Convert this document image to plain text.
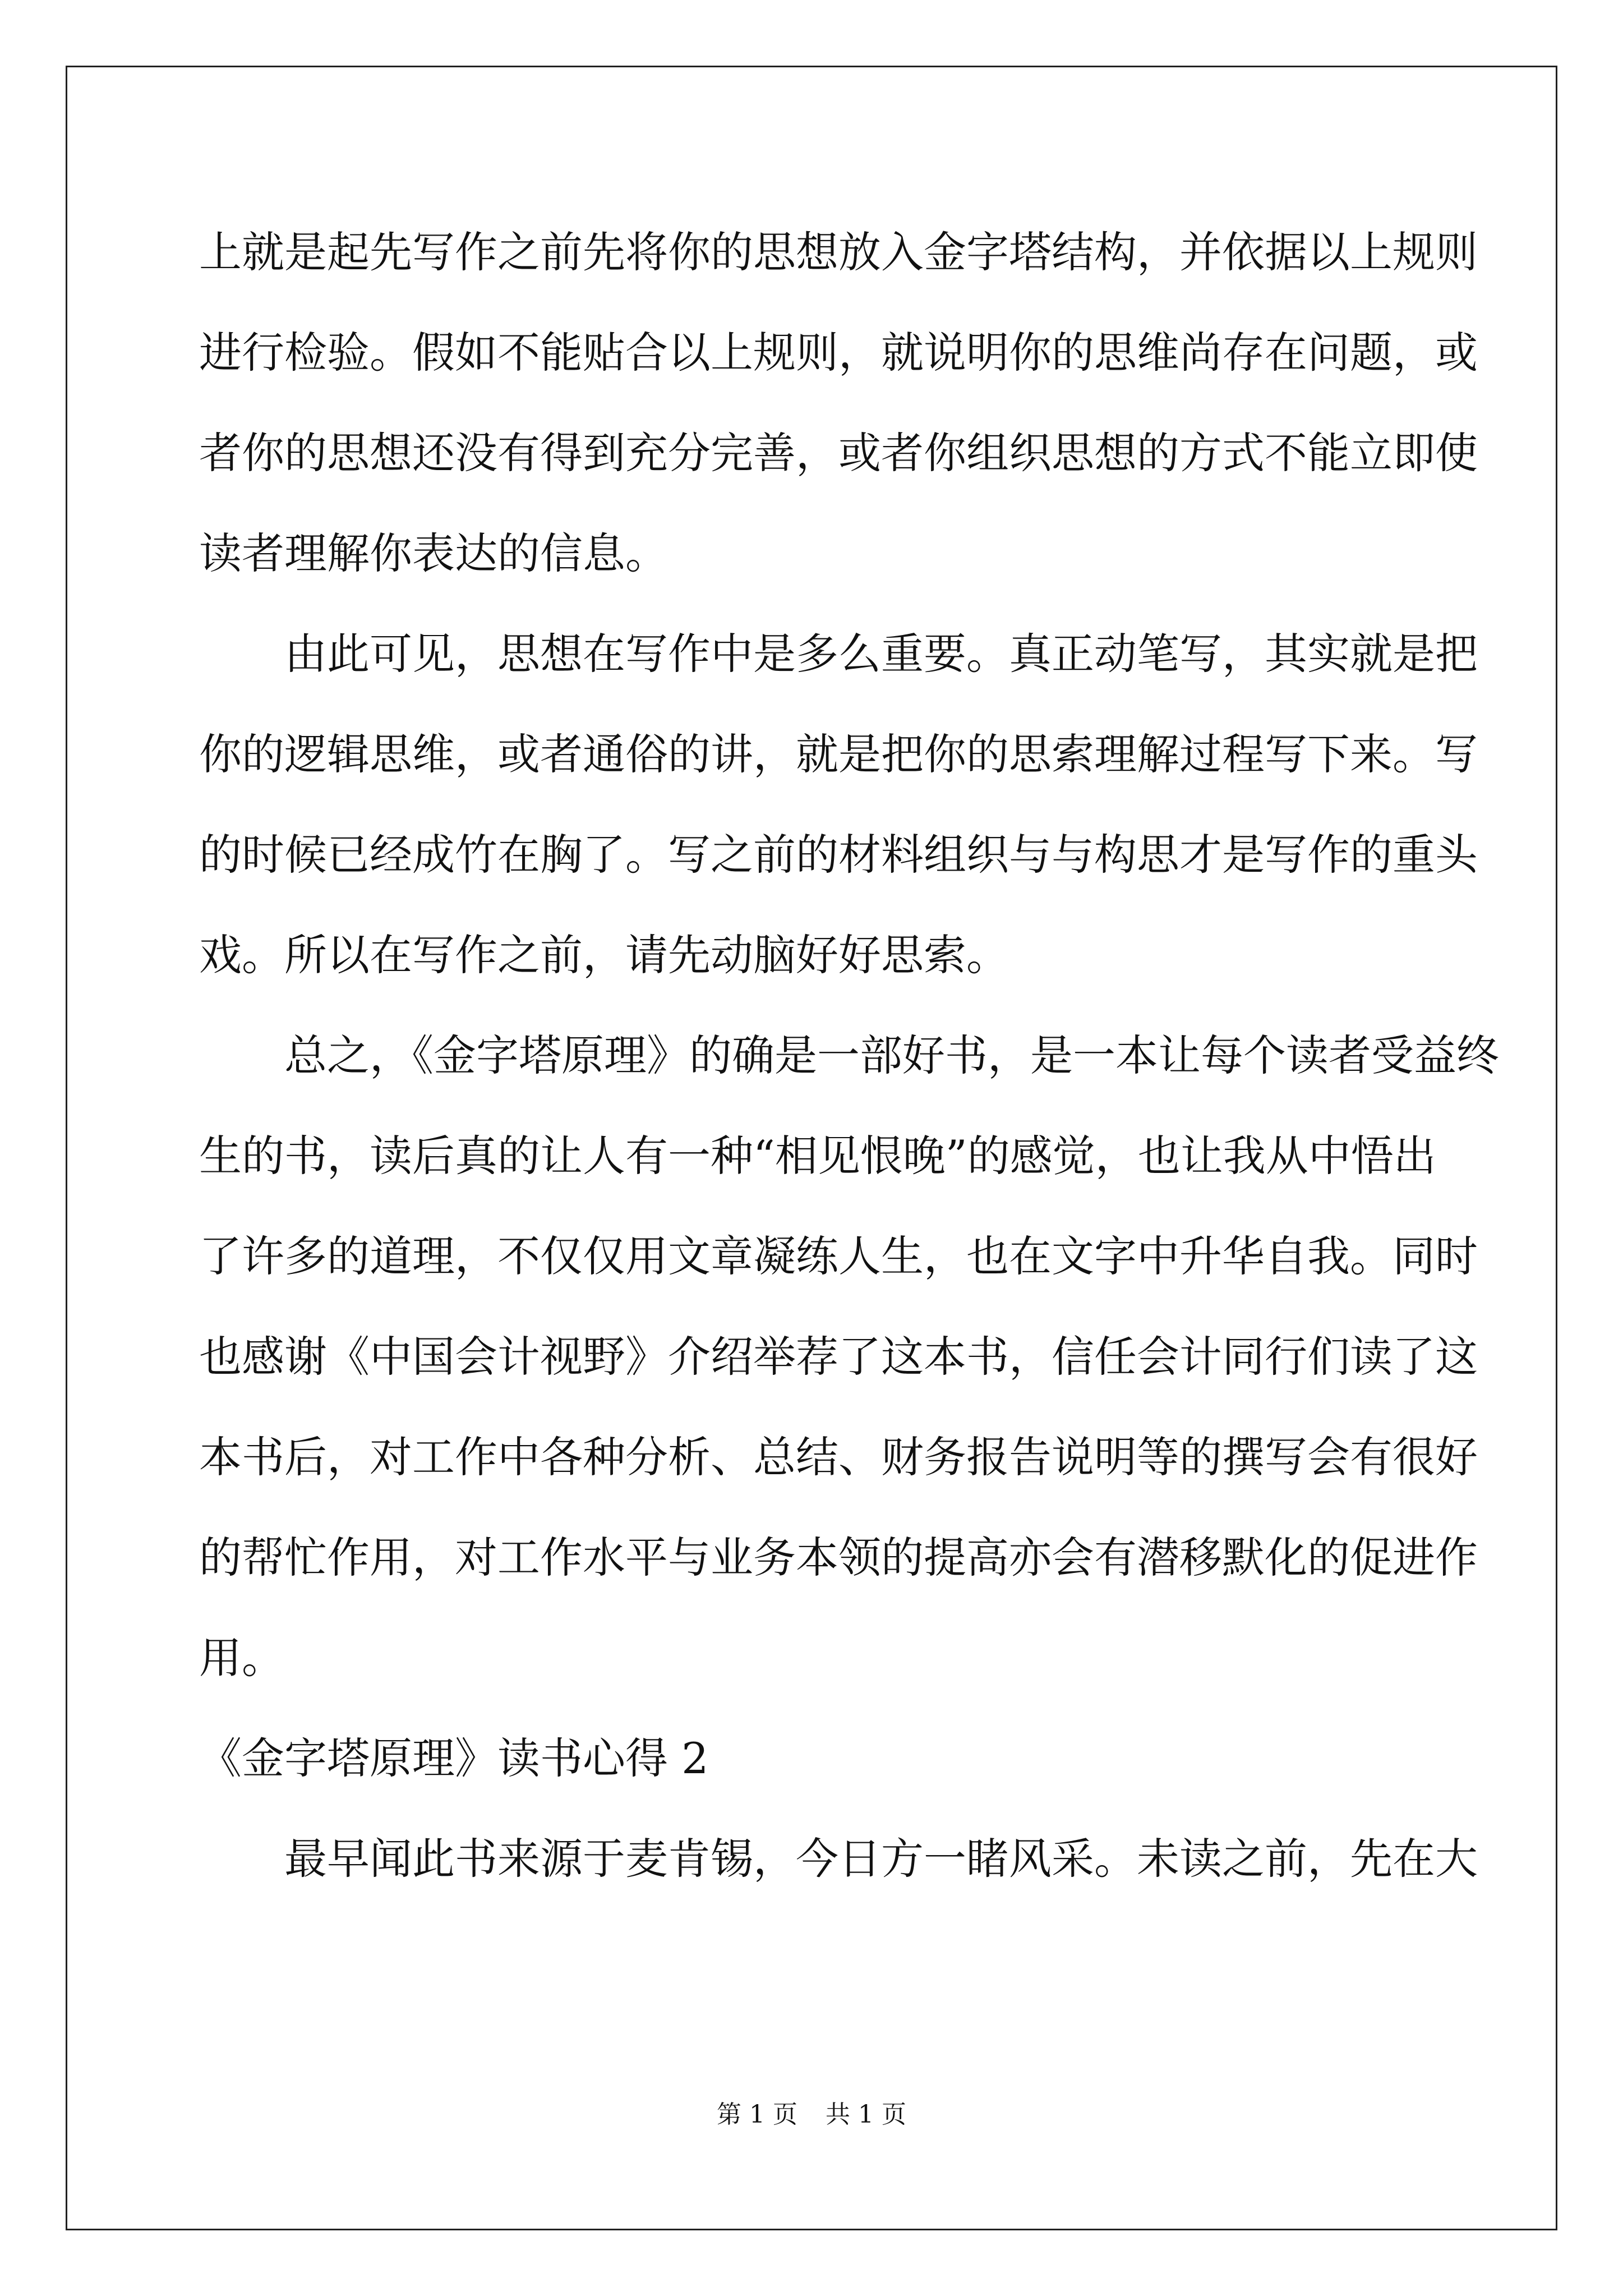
上就是起先写作之前先将你的思想放入金字塔结构，并依据以上规则
进行检验。假如不能贴合以上规则，就说明你的思维尚存在问题，或
者你的思想还没有得到充分完善，或者你组织思想的方式不能立即使
读者理解你表达的信息。
由此可见，思想在写作中是多么重要。真正动笔写，其实就是把
你的逻辑思维，或者通俗的讲，就是把你的思索理解过程写下来。写
的时候已经成竹在胸了。写之前的材料组织与与构思才是写作的重头
戏。所以在写作之前，请先动脑好好思索。
总之，《金字塔原理》的确是一部好书，是一本让每个读者受益终
生的书，读后真的让人有一种“相见恨晚”的感觉，也让我从中悟出
了许多的道理，不仅仅用文章凝练人生，也在文字中升华自我。同时
也感谢《中国会计视野》介绍举荐了这本书，信任会计同行们读了这
本书后，对工作中各种分析、总结、财务报告说明等的撰写会有很好
的帮忙作用，对工作水平与业务本领的提高亦会有潜移默化的促进作
用。
《金字塔原理》读书心得 2
最早闻此书来源于麦肯锡，今日方一睹风采。未读之前，先在大
第 1 页 共 1 页
